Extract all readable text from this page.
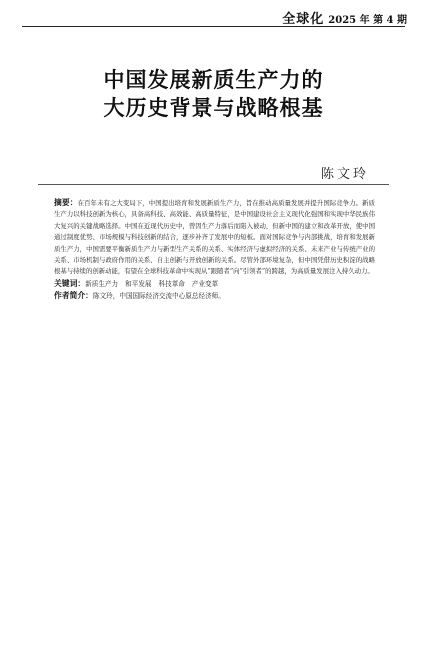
全球化 2025 年 第 4 期
中国发展新质生产力的
大历史背景与战略根基
陈文玲

摘要：在百年未有之大变局下，中国提出培育和发展新质生产力，旨在推动高质量发展并提升国际竞争力。新质生产力以科技创新为核心，具备高科技、高效能、高质量特征，是中国建设社会主义现代化强国和实现中华民族伟大复兴的关键战略选择。中国在近现代历史中，曾因生产力落后而陷入被动，但新中国的建立和改革开放，使中国通过制度优势、市场规模与科技创新的结合，逐步补齐了发展中的短板。面对国际竞争与内部挑战，培育和发展新质生产力，中国需要平衡新质生产力与新型生产关系的关系、实体经济与虚拟经济的关系、未来产业与传统产业的关系、市场机制与政府作用的关系、自主创新与开放创新的关系。尽管外部环境复杂，但中国凭借历史积淀的战略根基与持续的创新动能，有望在全球科技革命中实现从“跟随者”向“引领者”的跨越，为高质量发展注入持久动力。

关键词：新质生产力 和平发展 科技革命 产业变革

作者简介：陈文玲，中国国际经济交流中心原总经济师。
